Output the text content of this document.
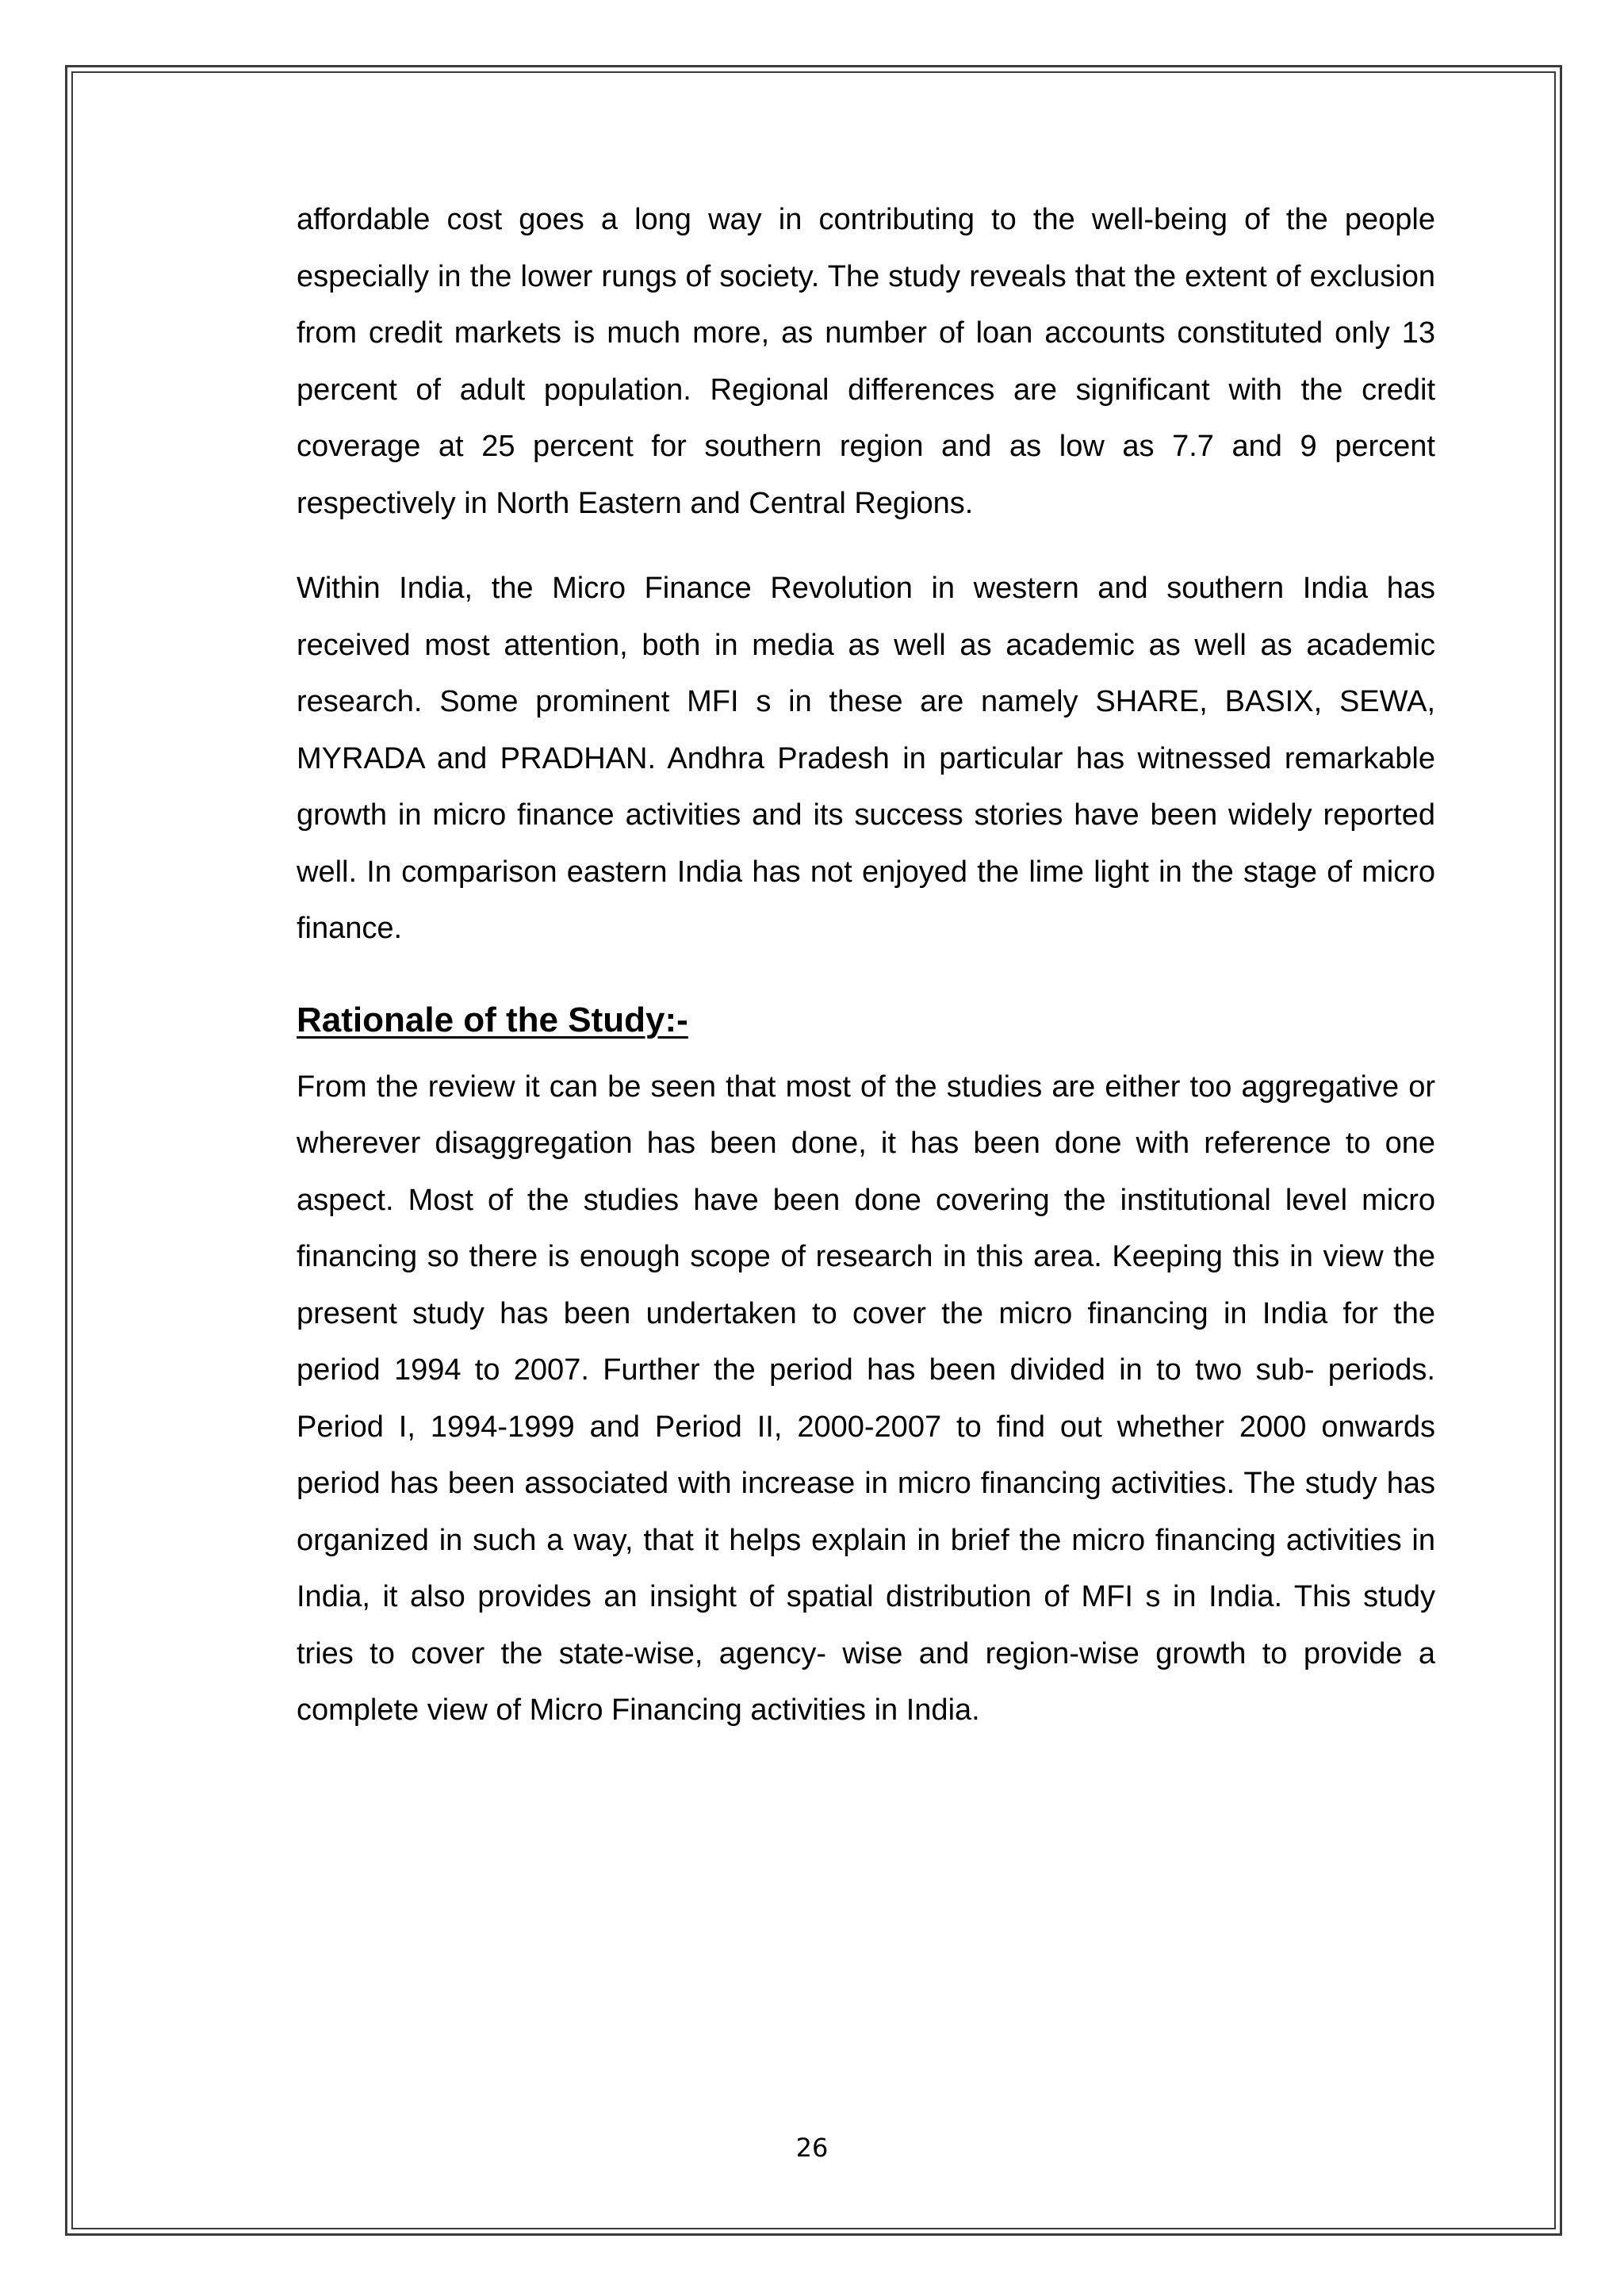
affordable cost goes a long way in contributing to the well-being of the people especially in the lower rungs of society. The study reveals that the extent of exclusion from credit markets is much more, as number of loan accounts constituted only 13 percent of adult population. Regional differences are significant with the credit coverage at 25 percent for southern region and as low as 7.7 and 9 percent respectively in North Eastern and Central Regions.

Within India, the Micro Finance Revolution in western and southern India has received most attention, both in media as well as academic as well as academic research. Some prominent MFI s in these are namely SHARE, BASIX, SEWA, MYRADA and PRADHAN. Andhra Pradesh in particular has witnessed remarkable growth in micro finance activities and its success stories have been widely reported well. In comparison eastern India has not enjoyed the lime light in the stage of micro finance.

Rationale of the Study:-

From the review it can be seen that most of the studies are either too aggregative or wherever disaggregation has been done, it has been done with reference to one aspect. Most of the studies have been done covering the institutional level micro financing so there is enough scope of research in this area. Keeping this in view the present study has been undertaken to cover the micro financing in India for the period 1994 to 2007. Further the period has been divided in to two sub- periods. Period I, 1994-1999 and Period II, 2000-2007 to find out whether 2000 onwards period has been associated with increase in micro financing activities. The study has organized in such a way, that it helps explain in brief the micro financing activities in India, it also provides an insight of spatial distribution of MFI s in India. This study tries to cover the state-wise, agency- wise and region-wise growth to provide a complete view of Micro Financing activities in India.

26
